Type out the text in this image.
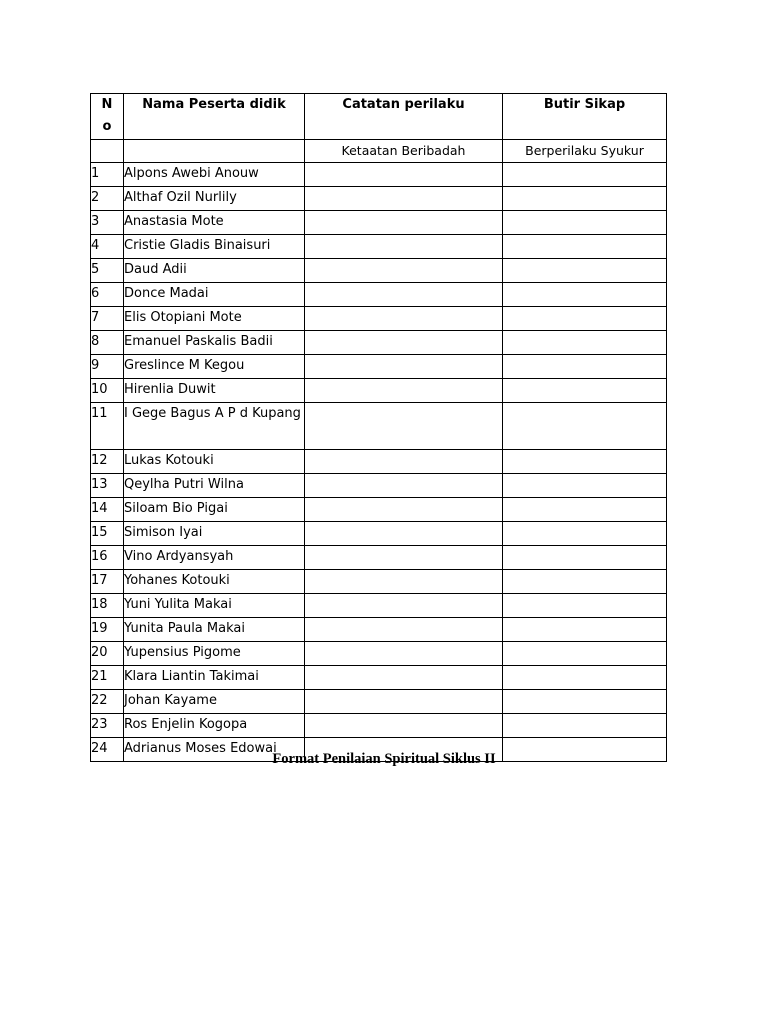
N
o	Nama Peserta didik	Catatan perilaku	Butir Sikap
		Ketaatan Beribadah	Berperilaku Syukur
1	Alpons Awebi Anouw		
2	Althaf Ozil Nurlily		
3	Anastasia Mote		
4	Cristie Gladis Binaisuri		
5	Daud Adii		
6	Donce Madai		
7	Elis Otopiani Mote		
8	Emanuel Paskalis Badii		
9	Greslince M Kegou		
10	Hirenlia Duwit		
11	I Gege Bagus A P d Kupang		
12	Lukas Kotouki		
13	Qeylha Putri Wilna		
14	Siloam Bio Pigai		
15	Simison Iyai		
16	Vino Ardyansyah		
17	Yohanes Kotouki		
18	Yuni Yulita Makai		
19	Yunita Paula Makai		
20	Yupensius Pigome		
21	Klara Liantin Takimai		
22	Johan Kayame		
23	Ros Enjelin Kogopa		
24	Adrianus Moses Edowai		
Format Penilaian Spiritual Siklus II
